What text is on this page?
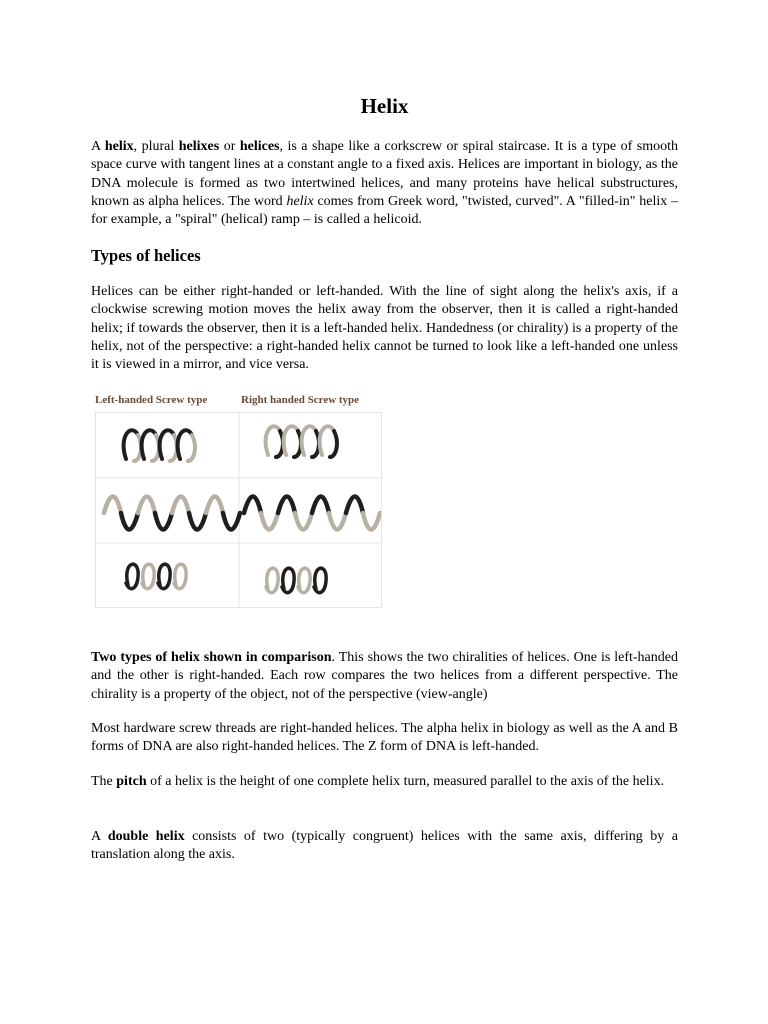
Helix

A helix, plural helixes or helices, is a shape like a corkscrew or spiral staircase. It is a type of smooth space curve with tangent lines at a constant angle to a fixed axis. Helices are important in biology, as the DNA molecule is formed as two intertwined helices, and many proteins have helical substructures, known as alpha helices. The word helix comes from Greek word, "twisted, curved". A "filled-in" helix – for example, a "spiral" (helical) ramp – is called a helicoid.

Types of helices

Helices can be either right-handed or left-handed. With the line of sight along the helix's axis, if a clockwise screwing motion moves the helix away from the observer, then it is called a right-handed helix; if towards the observer, then it is a left-handed helix. Handedness (or chirality) is a property of the helix, not of the perspective: a right-handed helix cannot be turned to look like a left-handed one unless it is viewed in a mirror, and vice versa.

Left-handed Screw type	Right handed Screw type

Two types of helix shown in comparison. This shows the two chiralities of helices. One is left-handed and the other is right-handed. Each row compares the two helices from a different perspective. The chirality is a property of the object, not of the perspective (view-angle)

Most hardware screw threads are right-handed helices. The alpha helix in biology as well as the A and B forms of DNA are also right-handed helices. The Z form of DNA is left-handed.

The pitch of a helix is the height of one complete helix turn, measured parallel to the axis of the helix.

A double helix consists of two (typically congruent) helices with the same axis, differing by a translation along the axis.
